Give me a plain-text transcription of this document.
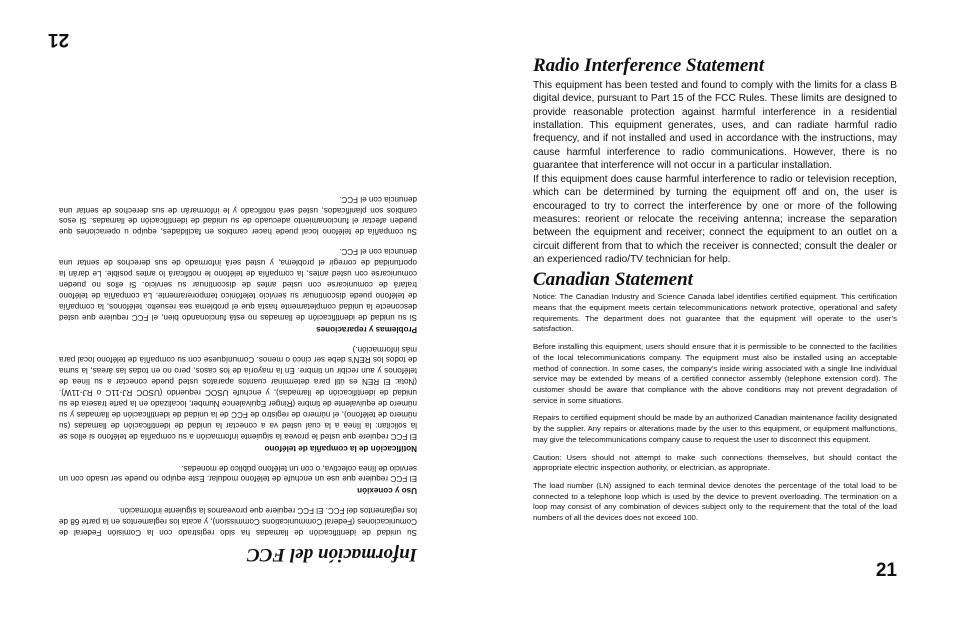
Información del FCC

Su unidad de identificación de llamadas ha sido registrado con la Comisión Federal de Comunicaciones (Federal Communications Commission), y acata los reglamentos en la parte 68 de los reglamentos del FCC. El FCC requiere que proveamos la siguiente información.

Uso y conexión

El FCC requiere que use un enchufe de teléfono modular. Este equipo no puede ser usado con un servicio de línea colectiva, o con un teléfono público de monedas.

Notificación de la compañía de teléfono

El FCC requiere que usted le provea la siguiente información a su compañía de teléfono si ellos se la solicitan: la línea a la cual usted va a conectar la unidad de identificación de llamadas (su número de teléfono), el número de registro de FCC de la unidad de identificación de llamadas y su número de equivalente de timbre (Ringer Equivalence Number, localizado en la parte trasera de su unidad de identificación de llamadas), y enchufe USOC requerido (USOC RJ-11C o RJ-11W). (Nota: El REN es útil para determinar cuantos aparatos usted puede conectar a su línea de teléfonos y aun recibir un timbre. En la mayoría de los casos, pero no en todas las áreas, la suma de todos los REN's debe ser cinco o menos. Comuníquese con su compañía de teléfono local para más información.)

Problemas y reparaciones

Si su unidad de identificación de llamadas no está funcionando bien, el FCC requiere que usted desconecte la unidad completamente hasta que el problema sea resuelto. teléfonos, la compañía de teléfono puede discontinuar su servicio telefónico temporeramente. La compañía de teléfono tratará de comunicarse con usted antes de discontinuar su servicio. Si ellos no pueden comunicarse con usted antes, la compañía de teléfono le notificará lo antes posible. Le darán la oportunidad de corregir el problema, y usted será informado de sus derechos de sentar una denuncia con el FCC.

Su compañía de teléfono local puede hacer cambios en facilidades, equipo u operaciones que pueden afectar el funcionamiento adecuado de su unidad de identificación de llamadas. Si esos cambios son planificados, usted será notificado y le informarán de sus derechos de sentar una denuncia con el FCC.

21
Radio Interference Statement

This equipment has been tested and found to comply with the limits for a class B digital device, pursuant to Part 15 of the FCC Rules. These limits are designed to provide reasonable protection against harmful interference in a residential installation. This equipment generates, uses, and can radiate harmful radio frequency, and if not installed and used in accordance with the instructions, may cause harmful interference to radio communications. However, there is no guarantee that interference will not occur in a particular installation.

If this equipment does cause harmful interference to radio or television reception, which can be determined by turning the equipment off and on, the user is encouraged to try to correct the interference by one or more of the following measures: reorient or relocate the receiving antenna; increase the separation between the equipment and receiver; connect the equipment to an outlet on a circuit different from that to which the receiver is connected; consult the dealer or an experienced radio/TV technician for help.

Canadian Statement

Notice: The Canadian Industry and Science Canada label identifies certified equipment. This certification means that the equipment meets certain telecommunications network protective, operational and safety requirements. The department does not guarantee that the equipment will operate to the user’s satisfaction.

Before installing this equipment, users should ensure that it is permissible to be connected to the facilities of the local telecommunications company. The equipment must also be installed using an acceptable method of connection. In some cases, the company’s inside wiring associated with a single line individual service may be extended by means of a certified connector assembly (telephone extension cord). The customer should be aware that compliance with the above conditions may not prevent degradation of service in some situations.

Repairs to certified equipment should be made by an authorized Canadian maintenance facility designated by the supplier. Any repairs or alterations made by the user to this equipment, or equipment malfunctions, may give the telecommunications company cause to request the user to disconnect this equipment.

Caution: Users should not attempt to make such connections themselves, but should contact the appropriate electric inspection authority, or electrician, as appropriate.

The load number (LN) assigned to each terminal device denotes the percentage of the total load to be connected to a telephone loop which is used by the device to prevent overloading. The termination on a loop may consist of any combination of devices subject only to the requirement that the total of the load numbers of all the devices does not exceed 100.

21
